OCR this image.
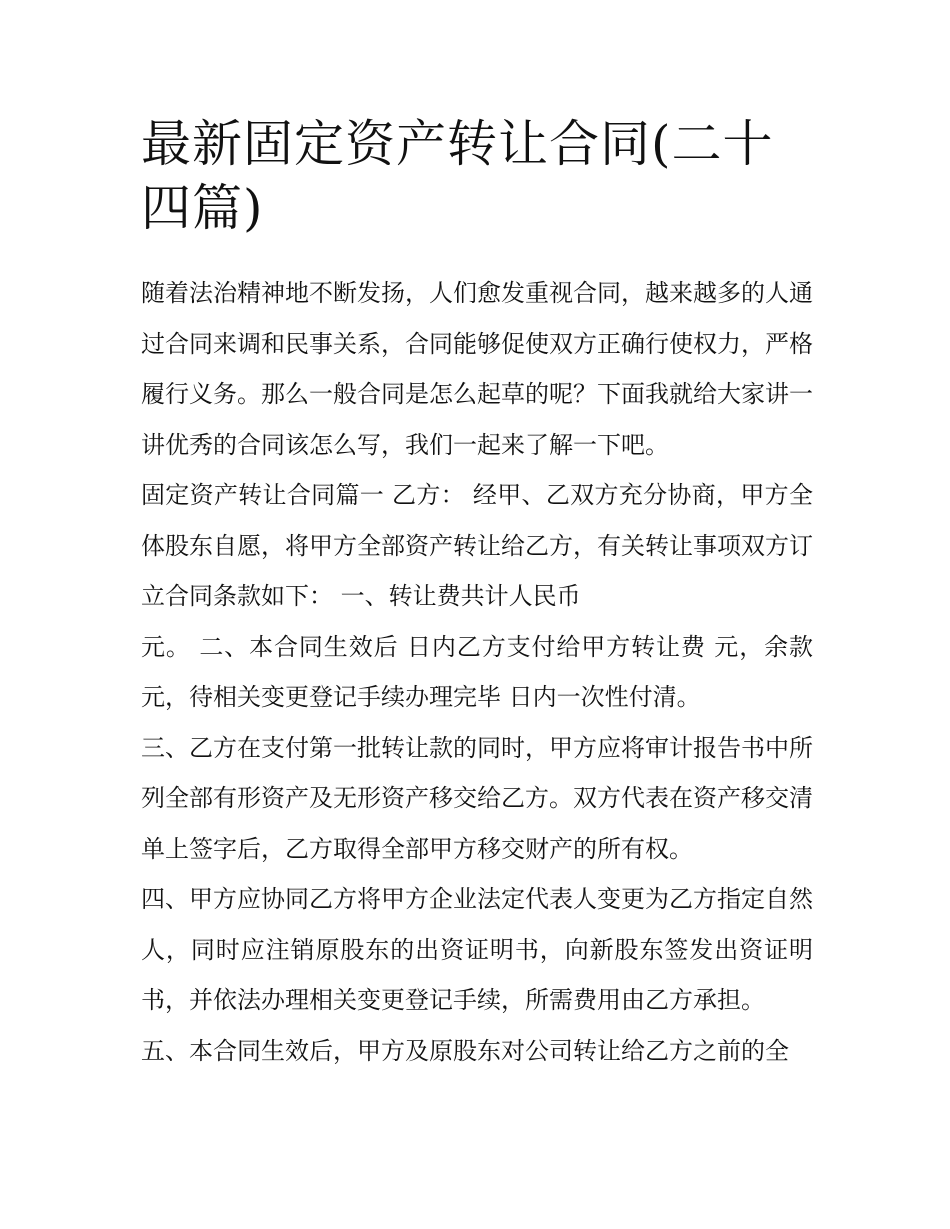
最新固定资产转让合同(二十四篇)

随着法治精神地不断发扬，人们愈发重视合同，越来越多的人通过合同来调和民事关系，合同能够促使双方正确行使权力，严格履行义务。那么一般合同是怎么起草的呢？下面我就给大家讲一讲优秀的合同该怎么写，我们一起来了解一下吧。

固定资产转让合同篇一 乙方： 经甲、乙双方充分协商，甲方全体股东自愿，将甲方全部资产转让给乙方，有关转让事项双方订立合同条款如下： 一、转让费共计人民币

元。 二、本合同生效后 日内乙方支付给甲方转让费 元，余款元，待相关变更登记手续办理完毕 日内一次性付清。

三、乙方在支付第一批转让款的同时，甲方应将审计报告书中所列全部有形资产及无形资产移交给乙方。双方代表在资产移交清单上签字后，乙方取得全部甲方移交财产的所有权。

四、甲方应协同乙方将甲方企业法定代表人变更为乙方指定自然人，同时应注销原股东的出资证明书，向新股东签发出资证明书，并依法办理相关变更登记手续，所需费用由乙方承担。

五、本合同生效后，甲方及原股东对公司转让给乙方之前的全
